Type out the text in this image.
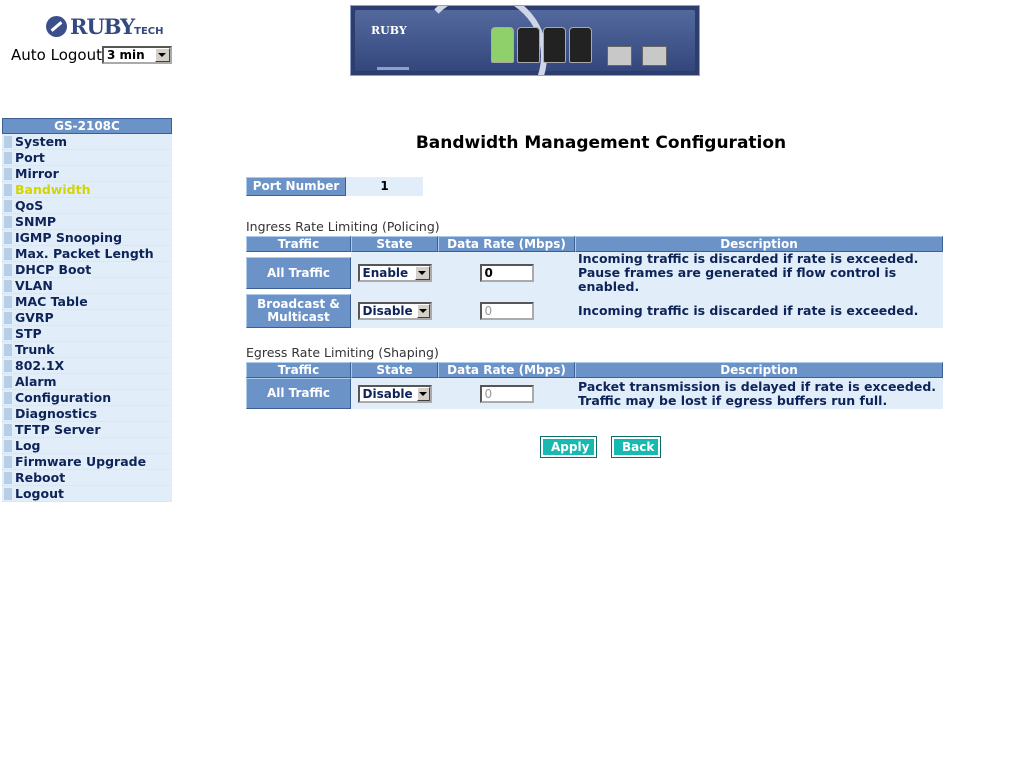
RUBYTECH
Auto Logout 3 min
RUBY
GS-2108C
System
Port
Mirror
Bandwidth
QoS
SNMP
IGMP Snooping
Max. Packet Length
DHCP Boot
VLAN
MAC Table
GVRP
STP
Trunk
802.1X
Alarm
Configuration
Diagnostics
TFTP Server
Log
Firmware Upgrade
Reboot
Logout
Bandwidth Management Configuration
Port Number	1
Ingress Rate Limiting (Policing)
Traffic	State	Data Rate (Mbps)	Description

All Traffic	Enable	0	Incoming traffic is discarded if rate is exceeded.
Pause frames are generated if flow control is enabled.

Broadcast &
Multicast	Disable	0	Incoming traffic is discarded if rate is exceeded.
Egress Rate Limiting (Shaping)
Traffic	State	Data Rate (Mbps)	Description

All Traffic	Disable	0	Packet transmission is delayed if rate is exceeded.
Traffic may be lost if egress buffers run full.
Apply	Back
